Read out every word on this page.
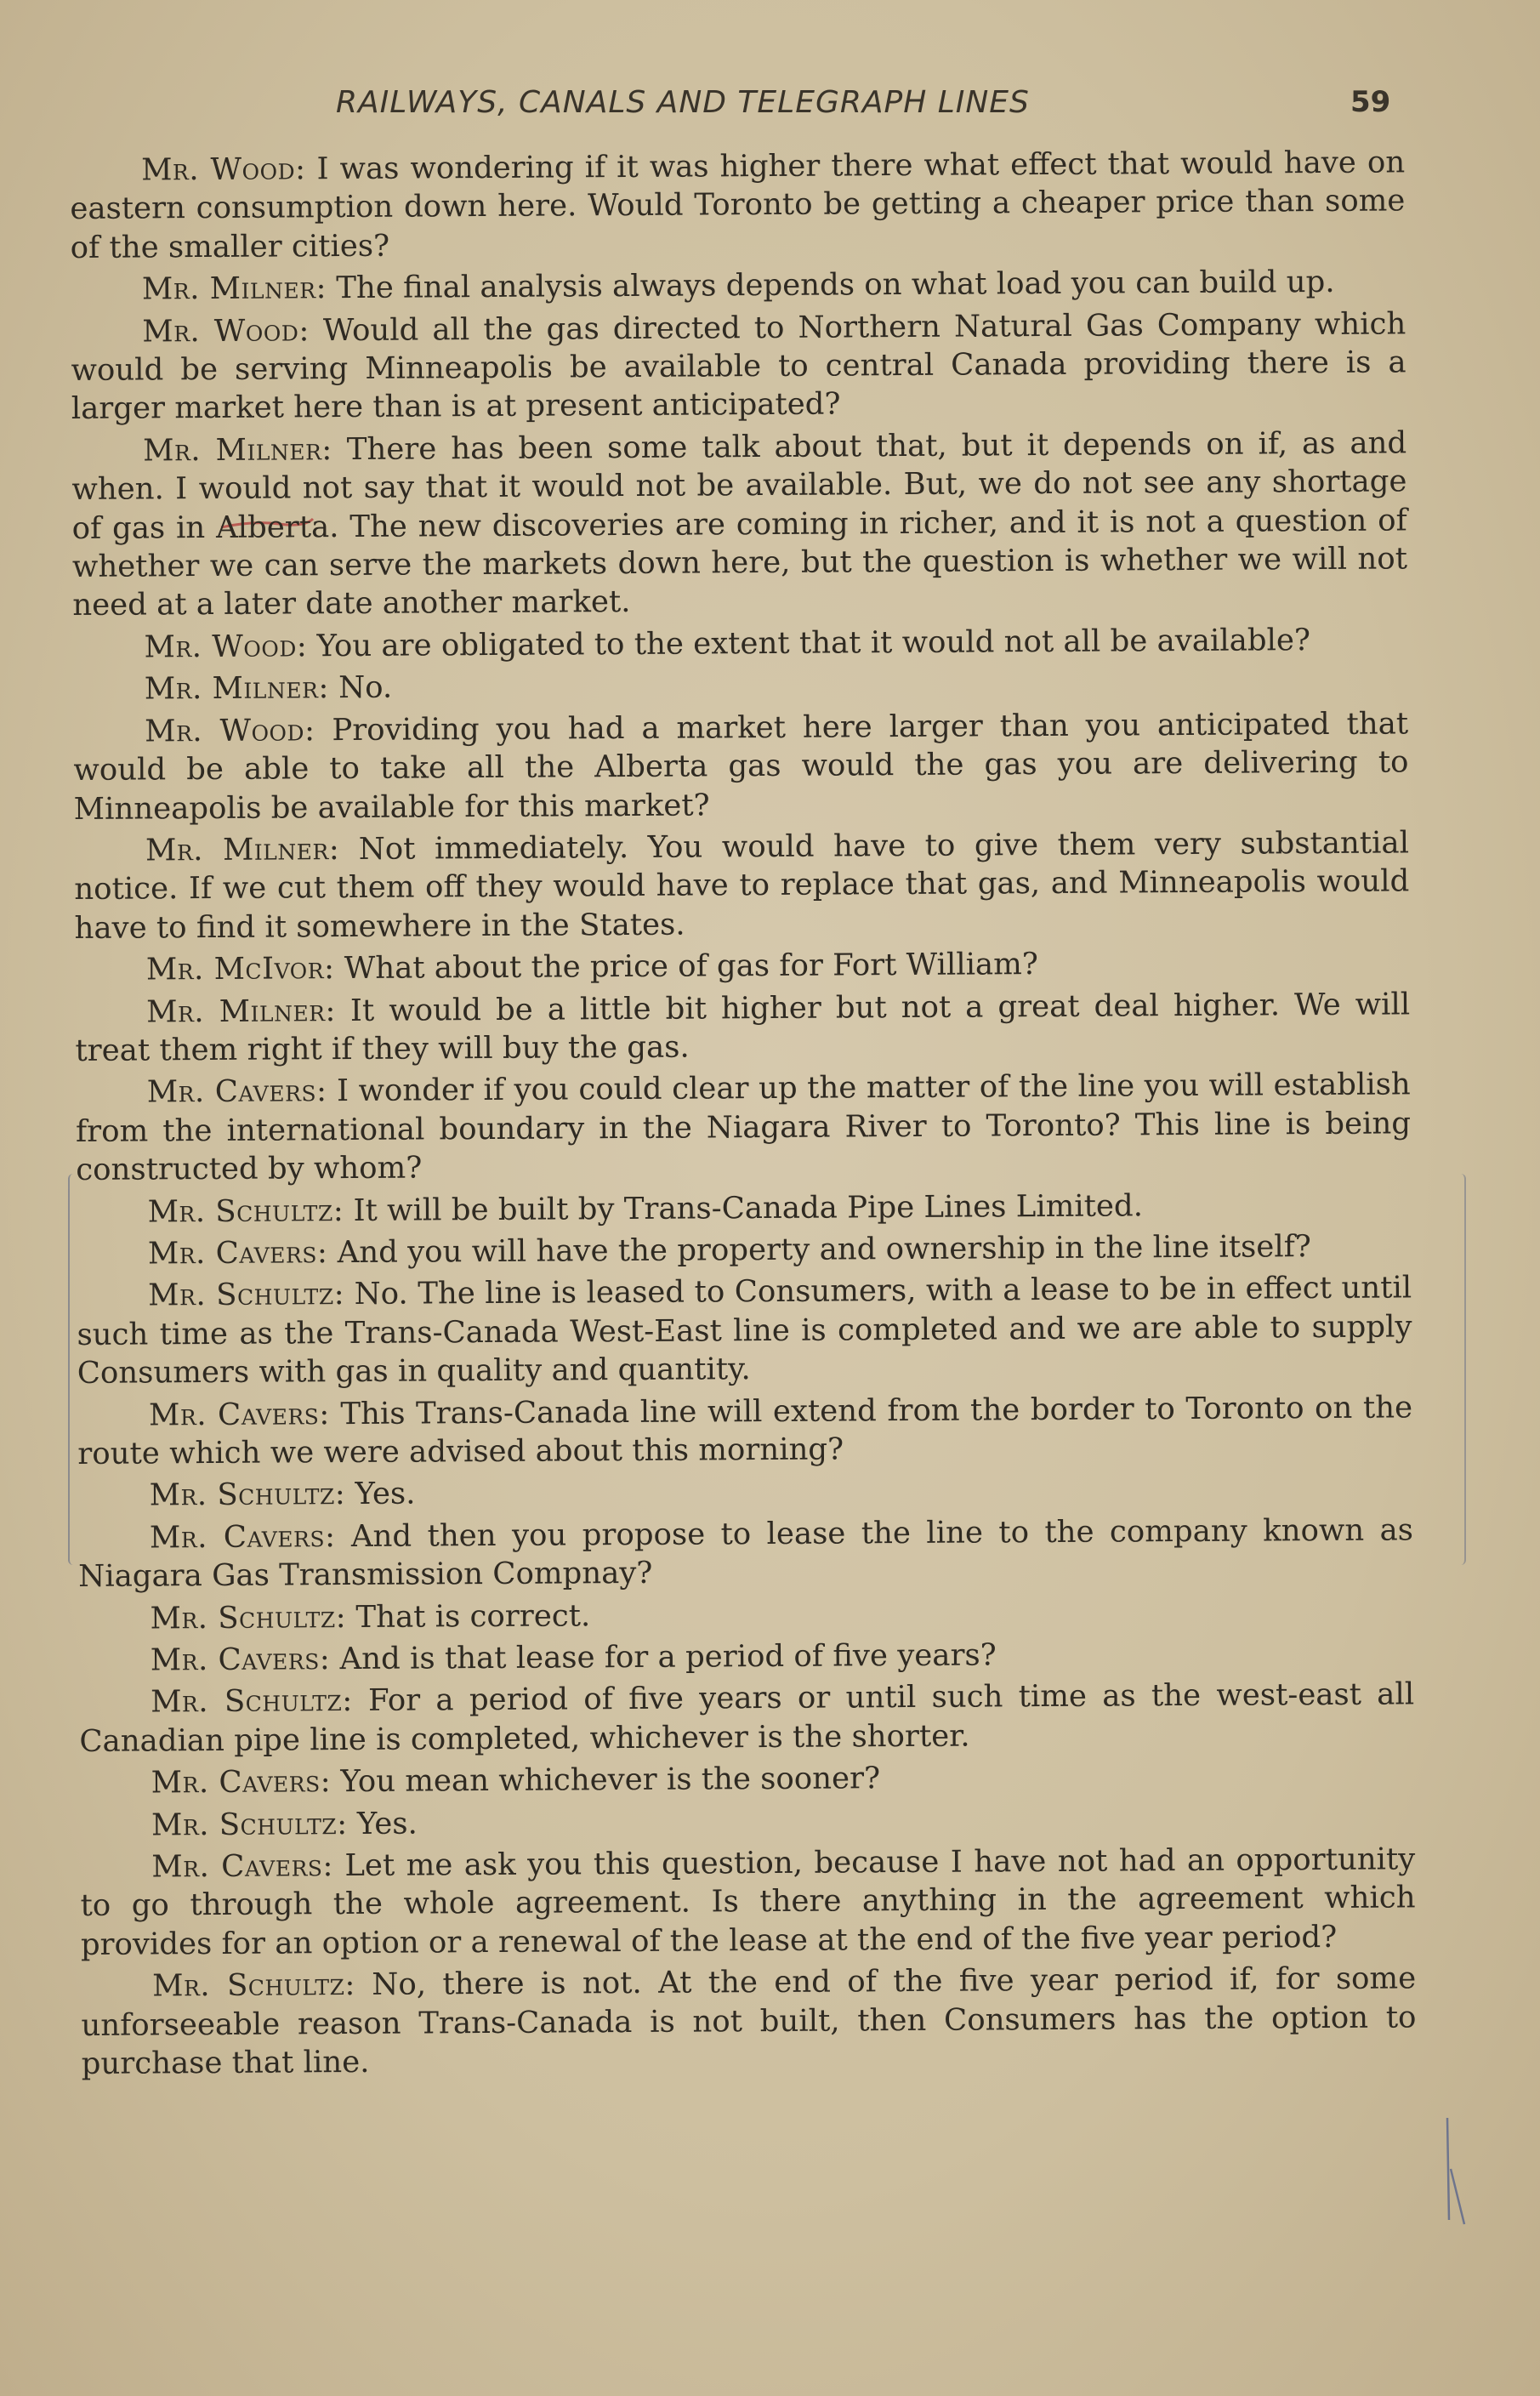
RAILWAYS, CANALS AND TELEGRAPH LINES	59

Mr. Wood: I was wondering if it was higher there what effect that would have on eastern consumption down here. Would Toronto be getting a cheaper price than some of the smaller cities?

Mr. Milner: The final analysis always depends on what load you can build up.

Mr. Wood: Would all the gas directed to Northern Natural Gas Company which would be serving Minneapolis be available to central Canada providing there is a larger market here than is at present anticipated?

Mr. Milner: There has been some talk about that, but it depends on if, as and when. I would not say that it would not be available. But, we do not see any shortage of gas in Alberta. The new discoveries are coming in richer, and it is not a question of whether we can serve the markets down here, but the question is whether we will not need at a later date another market.

Mr. Wood: You are obligated to the extent that it would not all be available?

Mr. Milner: No.

Mr. Wood: Providing you had a market here larger than you anticipated that would be able to take all the Alberta gas would the gas you are delivering to Minneapolis be available for this market?

Mr. Milner: Not immediately. You would have to give them very substantial notice. If we cut them off they would have to replace that gas, and Minneapolis would have to find it somewhere in the States.

Mr. McIvor: What about the price of gas for Fort William?

Mr. Milner: It would be a little bit higher but not a great deal higher. We will treat them right if they will buy the gas.

Mr. Cavers: I wonder if you could clear up the matter of the line you will establish from the international boundary in the Niagara River to Toronto? This line is being constructed by whom?

Mr. Schultz: It will be built by Trans-Canada Pipe Lines Limited.

Mr. Cavers: And you will have the property and ownership in the line itself?

Mr. Schultz: No. The line is leased to Consumers, with a lease to be in effect until such time as the Trans-Canada West-East line is completed and we are able to supply Consumers with gas in quality and quantity.

Mr. Cavers: This Trans-Canada line will extend from the border to Toronto on the route which we were advised about this morning?

Mr. Schultz: Yes.

Mr. Cavers: And then you propose to lease the line to the company known as Niagara Gas Transmission Compnay?

Mr. Schultz: That is correct.

Mr. Cavers: And is that lease for a period of five years?

Mr. Schultz: For a period of five years or until such time as the west-east all Canadian pipe line is completed, whichever is the shorter.

Mr. Cavers: You mean whichever is the sooner?

Mr. Schultz: Yes.

Mr. Cavers: Let me ask you this question, because I have not had an opportunity to go through the whole agreement. Is there anything in the agreement which provides for an option or a renewal of the lease at the end of the five year period?

Mr. Schultz: No, there is not. At the end of the five year period if, for some unforseeable reason Trans-Canada is not built, then Consumers has the option to purchase that line.
